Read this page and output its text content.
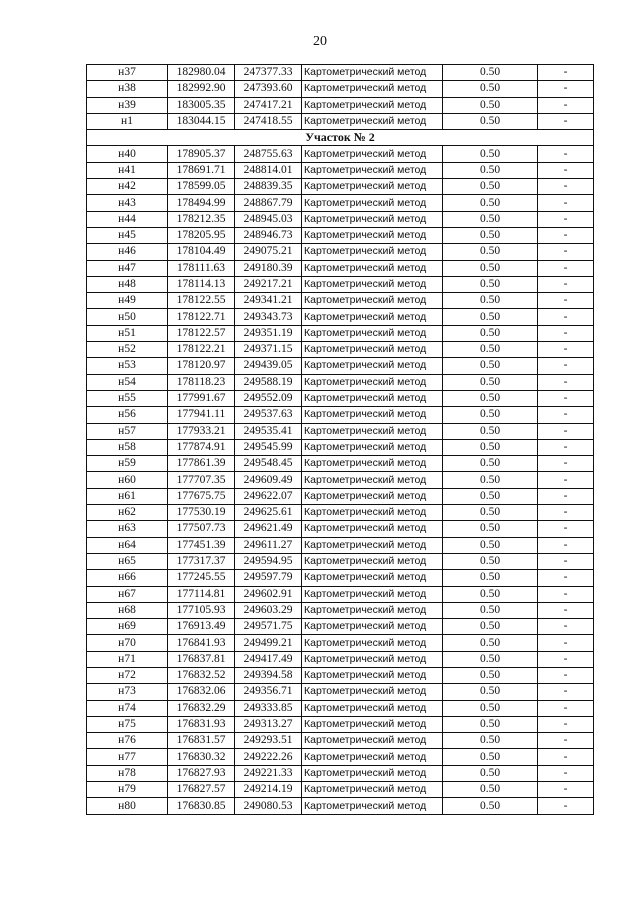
20
н37	182980.04	247377.33	Картометрический метод	0.50	-
н38	182992.90	247393.60	Картометрический метод	0.50	-
н39	183005.35	247417.21	Картометрический метод	0.50	-
н1	183044.15	247418.55	Картометрический метод	0.50	-
Участок № 2					
н40	178905.37	248755.63	Картометрический метод	0.50	-
н41	178691.71	248814.01	Картометрический метод	0.50	-
н42	178599.05	248839.35	Картометрический метод	0.50	-
н43	178494.99	248867.79	Картометрический метод	0.50	-
н44	178212.35	248945.03	Картометрический метод	0.50	-
н45	178205.95	248946.73	Картометрический метод	0.50	-
н46	178104.49	249075.21	Картометрический метод	0.50	-
н47	178111.63	249180.39	Картометрический метод	0.50	-
н48	178114.13	249217.21	Картометрический метод	0.50	-
н49	178122.55	249341.21	Картометрический метод	0.50	-
н50	178122.71	249343.73	Картометрический метод	0.50	-
н51	178122.57	249351.19	Картометрический метод	0.50	-
н52	178122.21	249371.15	Картометрический метод	0.50	-
н53	178120.97	249439.05	Картометрический метод	0.50	-
н54	178118.23	249588.19	Картометрический метод	0.50	-
н55	177991.67	249552.09	Картометрический метод	0.50	-
н56	177941.11	249537.63	Картометрический метод	0.50	-
н57	177933.21	249535.41	Картометрический метод	0.50	-
н58	177874.91	249545.99	Картометрический метод	0.50	-
н59	177861.39	249548.45	Картометрический метод	0.50	-
н60	177707.35	249609.49	Картометрический метод	0.50	-
н61	177675.75	249622.07	Картометрический метод	0.50	-
н62	177530.19	249625.61	Картометрический метод	0.50	-
н63	177507.73	249621.49	Картометрический метод	0.50	-
н64	177451.39	249611.27	Картометрический метод	0.50	-
н65	177317.37	249594.95	Картометрический метод	0.50	-
н66	177245.55	249597.79	Картометрический метод	0.50	-
н67	177114.81	249602.91	Картометрический метод	0.50	-
н68	177105.93	249603.29	Картометрический метод	0.50	-
н69	176913.49	249571.75	Картометрический метод	0.50	-
н70	176841.93	249499.21	Картометрический метод	0.50	-
н71	176837.81	249417.49	Картометрический метод	0.50	-
н72	176832.52	249394.58	Картометрический метод	0.50	-
н73	176832.06	249356.71	Картометрический метод	0.50	-
н74	176832.29	249333.85	Картометрический метод	0.50	-
н75	176831.93	249313.27	Картометрический метод	0.50	-
н76	176831.57	249293.51	Картометрический метод	0.50	-
н77	176830.32	249222.26	Картометрический метод	0.50	-
н78	176827.93	249221.33	Картометрический метод	0.50	-
н79	176827.57	249214.19	Картометрический метод	0.50	-
н80	176830.85	249080.53	Картометрический метод	0.50	-
